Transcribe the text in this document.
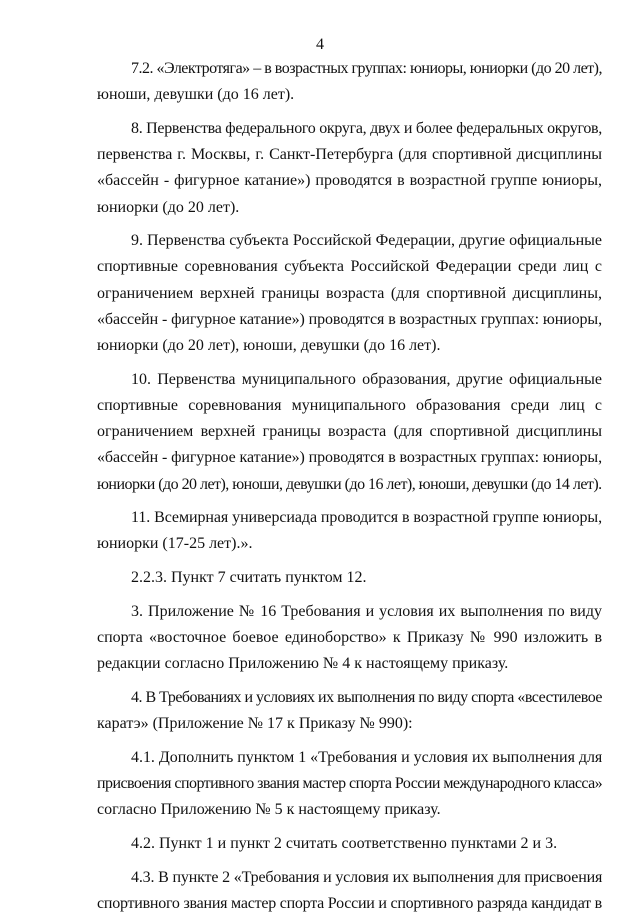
4
7.2. «Электротяга» – в возрастных группах: юниоры, юниорки (до 20 лет),
юноши, девушки (до 16 лет).
8. Первенства федерального округа, двух и более федеральных округов,
первенства г. Москвы, г. Санкт-Петербурга (для спортивной дисциплины
«бассейн - фигурное катание») проводятся в возрастной группе юниоры,
юниорки (до 20 лет).
9. Первенства субъекта Российской Федерации, другие официальные
спортивные соревнования субъекта Российской Федерации среди лиц с
ограничением верхней границы возраста (для спортивной дисциплины,
«бассейн - фигурное катание») проводятся в возрастных группах: юниоры,
юниорки (до 20 лет), юноши, девушки (до 16 лет).
10. Первенства муниципального образования, другие официальные
спортивные соревнования муниципального образования среди лиц с
ограничением верхней границы возраста (для спортивной дисциплины
«бассейн - фигурное катание») проводятся в возрастных группах: юниоры,
юниорки (до 20 лет), юноши, девушки (до 16 лет), юноши, девушки (до 14 лет).
11. Всемирная универсиада проводится в возрастной группе юниоры,
юниорки (17-25 лет).».
2.2.3. Пункт 7 считать пунктом 12.
3. Приложение № 16 Требования и условия их выполнения по виду
спорта «восточное боевое единоборство» к Приказу № 990 изложить в
редакции согласно Приложению № 4 к настоящему приказу.
4. В Требованиях и условиях их выполнения по виду спорта «всестилевое
каратэ» (Приложение № 17 к Приказу № 990):
4.1. Дополнить пунктом 1 «Требования и условия их выполнения для
присвоения спортивного звания мастер спорта России международного класса»
согласно Приложению № 5 к настоящему приказу.
4.2. Пункт 1 и пункт 2 считать соответственно пунктами 2 и 3.
4.3. В пункте 2 «Требования и условия их выполнения для присвоения
спортивного звания мастер спорта России и спортивного разряда кандидат в
